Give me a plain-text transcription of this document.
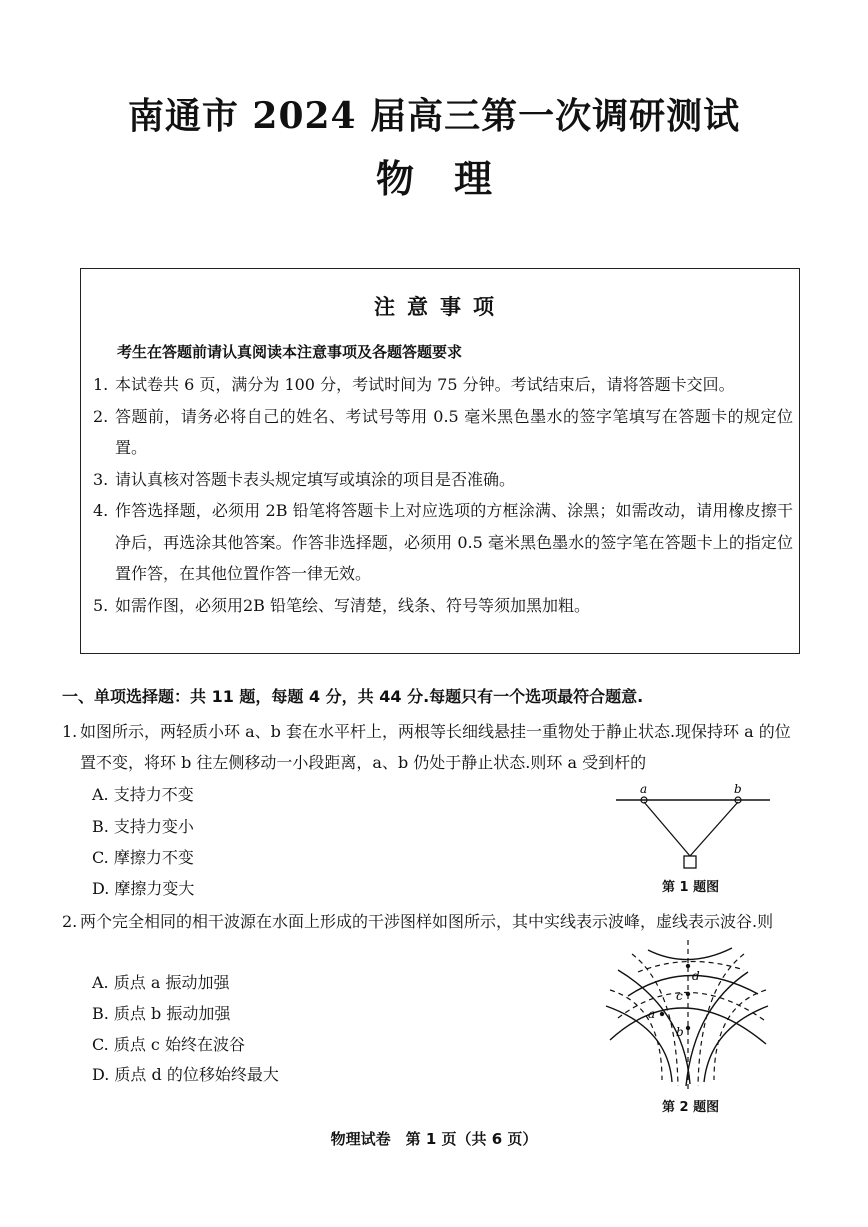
南通市 2024 届高三第一次调研测试
物理
注意事项
考生在答题前请认真阅读本注意事项及各题答题要求
1. 本试卷共 6 页，满分为 100 分，考试时间为 75 分钟。考试结束后，请将答题卡交回。
2. 答题前，请务必将自己的姓名、考试号等用 0.5 毫米黑色墨水的签字笔填写在答题卡的规定位置。
3. 请认真核对答题卡表头规定填写或填涂的项目是否准确。
4. 作答选择题，必须用 2B 铅笔将答题卡上对应选项的方框涂满、涂黑；如需改动，请用橡皮擦干净后，再选涂其他答案。作答非选择题，必须用 0.5 毫米黑色墨水的签字笔在答题卡上的指定位置作答，在其他位置作答一律无效。
5. 如需作图，必须用2B 铅笔绘、写清楚，线条、符号等须加黑加粗。
一、单项选择题：共 11 题，每题 4 分，共 44 分.每题只有一个选项最符合题意.
1. 如图所示，两轻质小环 a、b 套在水平杆上，两根等长细线悬挂一重物处于静止状态.现保持环 a 的位置不变，将环 b 往左侧移动一小段距离，a、b 仍处于静止状态.则环 a 受到杆的
A. 支持力不变
B. 支持力变小
C. 摩擦力不变
D. 摩擦力变大
a	b
第 1 题图
2. 两个完全相同的相干波源在水面上形成的干涉图样如图所示，其中实线表示波峰，虚线表示波谷.则
A. 质点 a 振动加强
B. 质点 b 振动加强
C. 质点 c 始终在波谷
D. 质点 d 的位移始终最大
d
c
a
b
第 2 题图
物理试卷　第 1 页（共 6 页）
